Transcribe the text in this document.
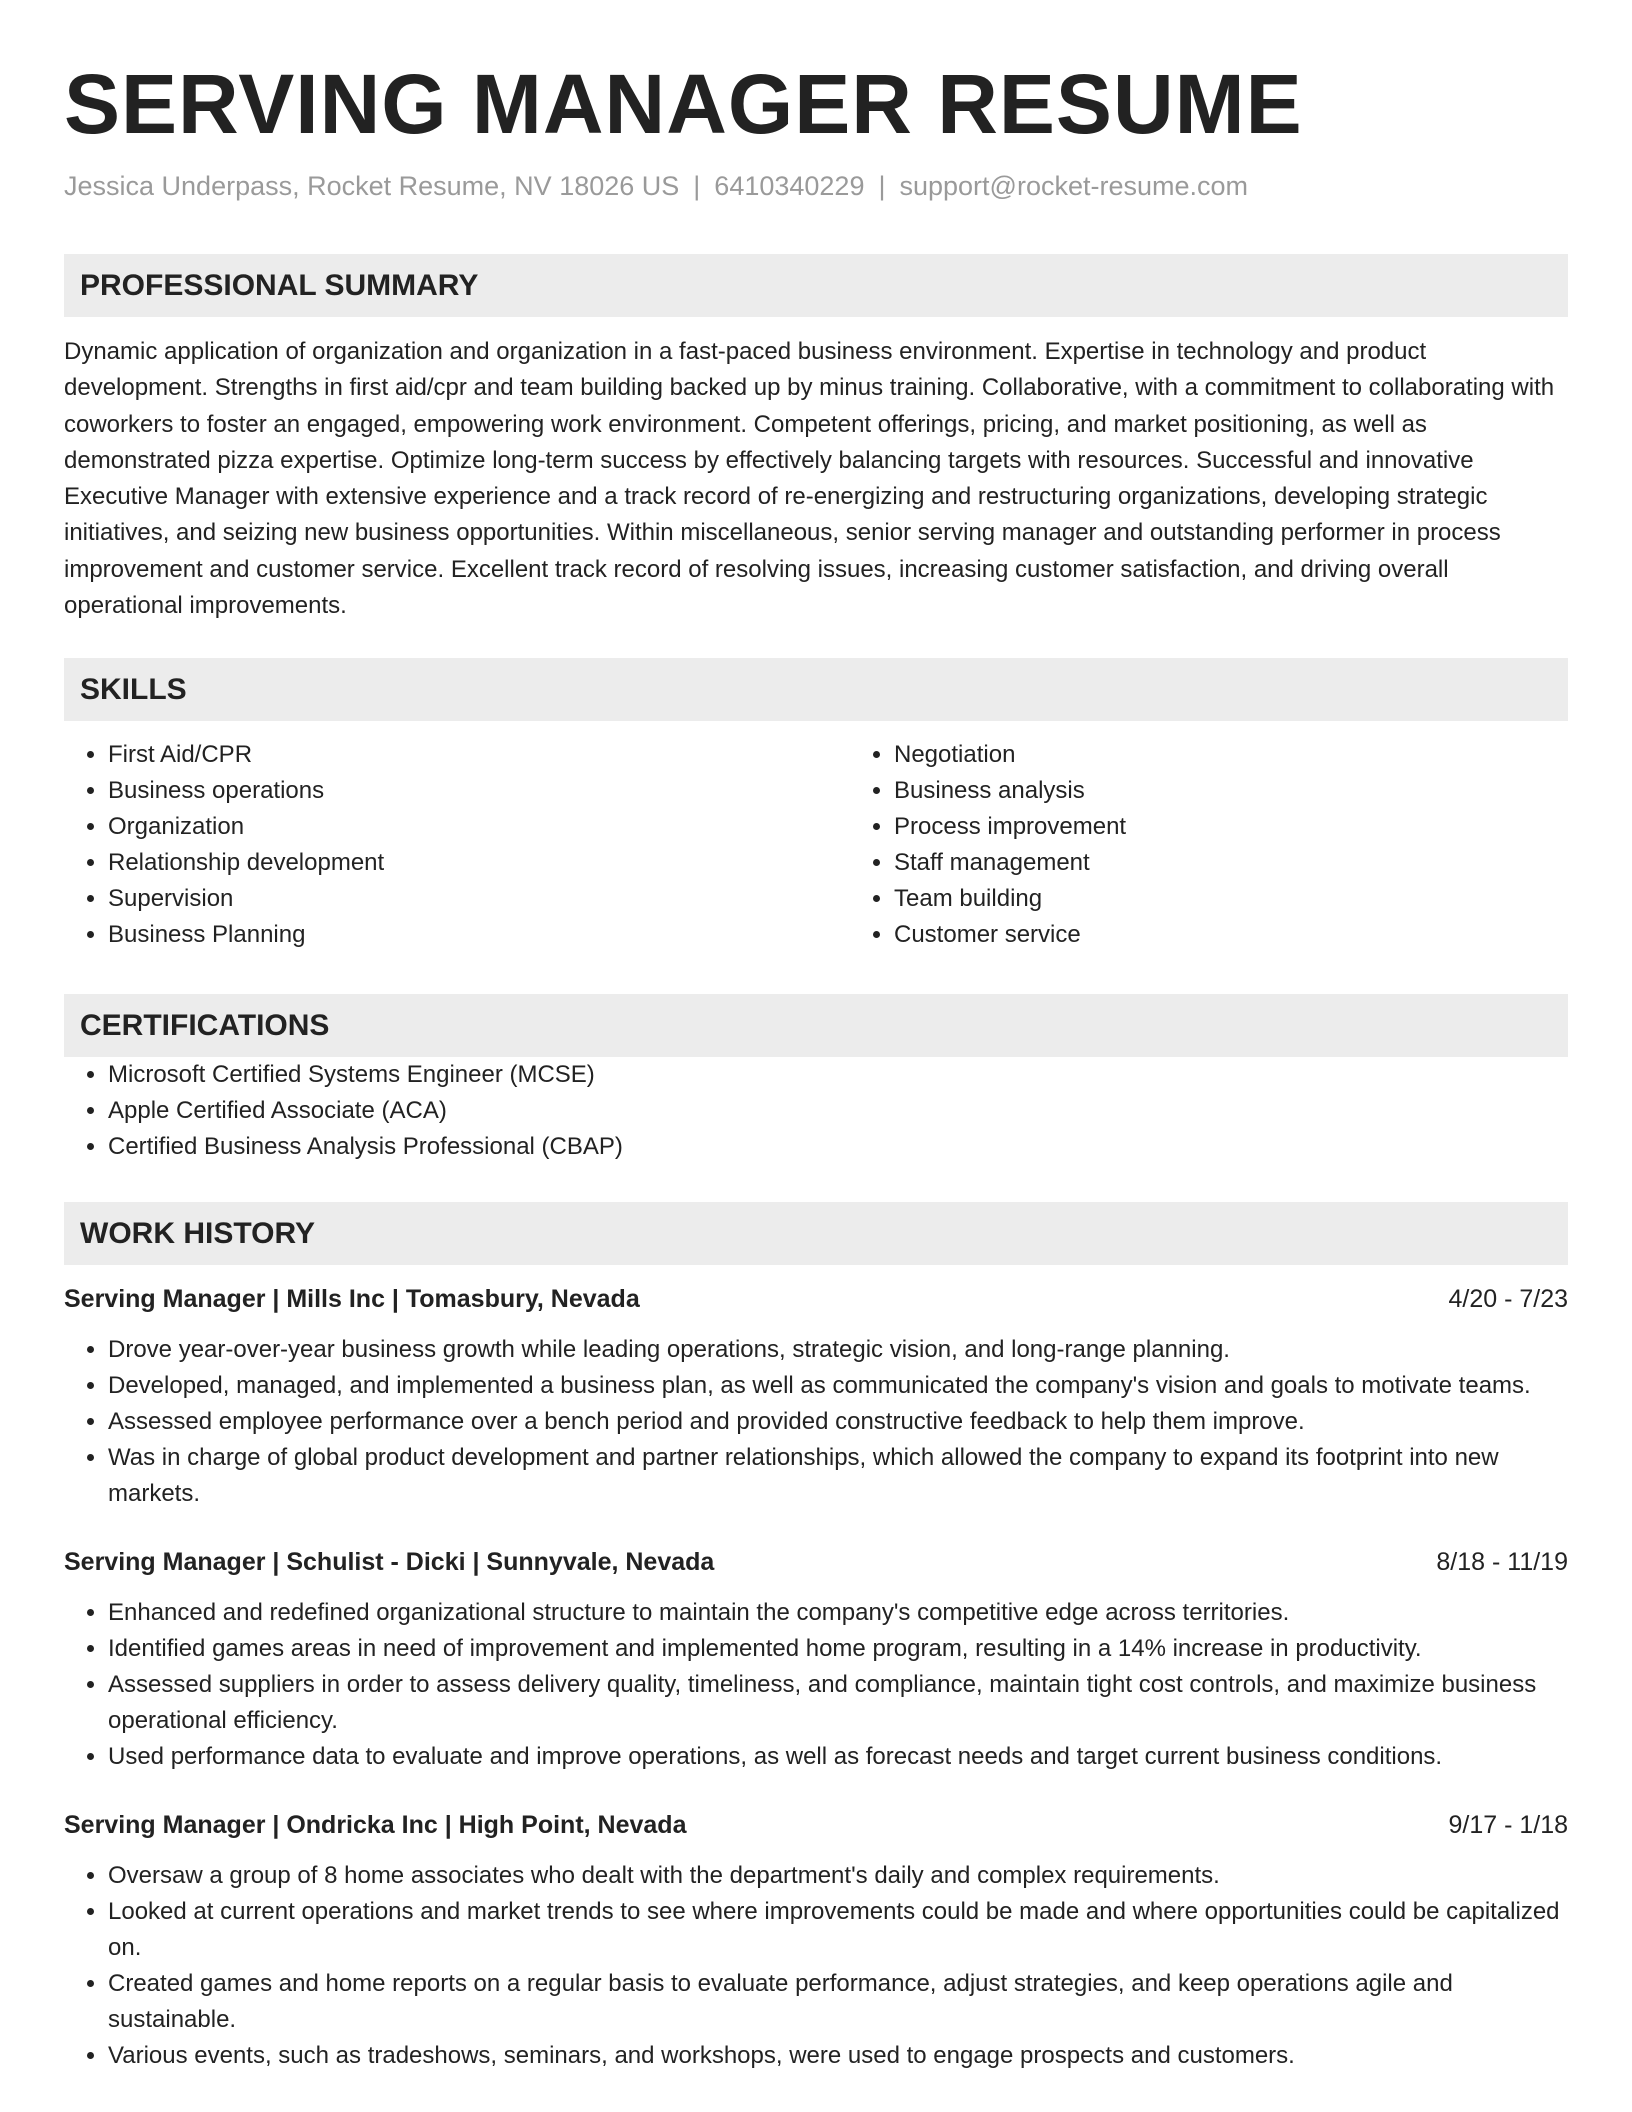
SERVING MANAGER RESUME
Jessica Underpass, Rocket Resume, NV 18026 US | 6410340229 | support@rocket-resume.com
PROFESSIONAL SUMMARY

Dynamic application of organization and organization in a fast-paced business environment. Expertise in technology and product development. Strengths in first aid/cpr and team building backed up by minus training. Collaborative, with a commitment to collaborating with coworkers to foster an engaged, empowering work environment. Competent offerings, pricing, and market positioning, as well as demonstrated pizza expertise. Optimize long-term success by effectively balancing targets with resources. Successful and innovative Executive Manager with extensive experience and a track record of re-energizing and restructuring organizations, developing strategic initiatives, and seizing new business opportunities. Within miscellaneous, senior serving manager and outstanding performer in process improvement and customer service. Excellent track record of resolving issues, increasing customer satisfaction, and driving overall operational improvements.

SKILLS
• First Aid/CPR
• Business operations
• Organization
• Relationship development
• Supervision
• Business Planning
• Negotiation
• Business analysis
• Process improvement
• Staff management
• Team building
• Customer service
CERTIFICATIONS
• Microsoft Certified Systems Engineer (MCSE)
• Apple Certified Associate (ACA)
• Certified Business Analysis Professional (CBAP)
WORK HISTORY
Serving Manager | Mills Inc | Tomasbury, Nevada	4/20 - 7/23
• Drove year-over-year business growth while leading operations, strategic vision, and long-range planning.
• Developed, managed, and implemented a business plan, as well as communicated the company's vision and goals to motivate teams.
• Assessed employee performance over a bench period and provided constructive feedback to help them improve.
• Was in charge of global product development and partner relationships, which allowed the company to expand its footprint into new markets.
Serving Manager | Schulist - Dicki | Sunnyvale, Nevada	8/18 - 11/19
• Enhanced and redefined organizational structure to maintain the company's competitive edge across territories.
• Identified games areas in need of improvement and implemented home program, resulting in a 14% increase in productivity.
• Assessed suppliers in order to assess delivery quality, timeliness, and compliance, maintain tight cost controls, and maximize business operational efficiency.
• Used performance data to evaluate and improve operations, as well as forecast needs and target current business conditions.
Serving Manager | Ondricka Inc | High Point, Nevada	9/17 - 1/18
• Oversaw a group of 8 home associates who dealt with the department's daily and complex requirements.
• Looked at current operations and market trends to see where improvements could be made and where opportunities could be capitalized on.
• Created games and home reports on a regular basis to evaluate performance, adjust strategies, and keep operations agile and sustainable.
• Various events, such as tradeshows, seminars, and workshops, were used to engage prospects and customers.
